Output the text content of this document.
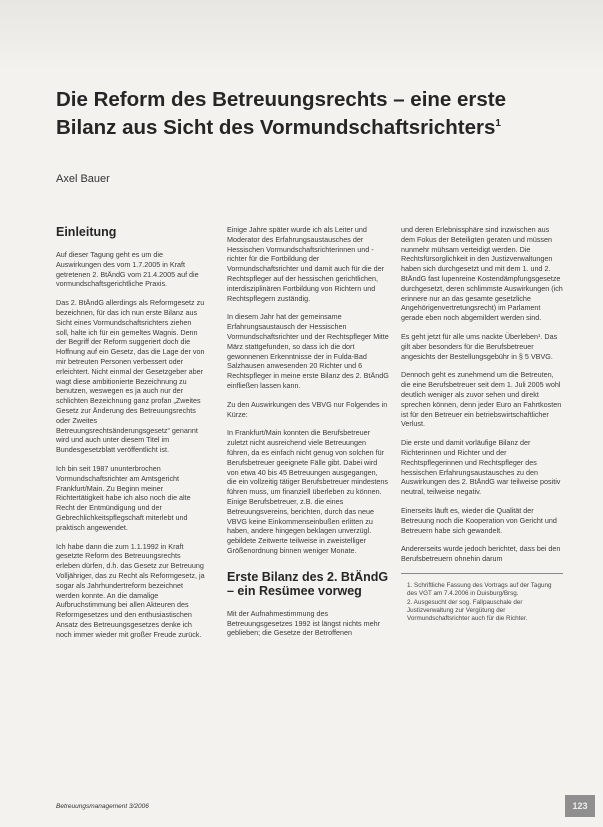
Die Reform des Betreuungsrechts – eine erste
Bilanz aus Sicht des Vormundschaftsrichters$^1$
Axel Bauer
Einleitung

Auf dieser Tagung geht es um die Auswirkungen des vom 1.7.2005 in Kraft getretenen 2. BtÄndG vom 21.4.2005 auf die vormundschaftsgerichtliche Praxis.

Das 2. BtÄndG allerdings als Reformgesetz zu bezeichnen, für das ich nun erste Bilanz aus Sicht eines Vormundschaftsrichters ziehen soll, halte ich für ein gemeltes Wagnis. Denn der Begriff der Reform suggeriert doch die Hoffnung auf ein Gesetz, das die Lage der von mir betreuten Personen verbessert oder erleichtert. Nicht einmal der Gesetzgeber aber wagt diese ambitionierte Bezeichnung zu benutzen, weswegen es ja auch nur der schlichten Bezeichnung ganz profan „Zweites Gesetz zur Änderung des Betreuungsrechts oder Zweites Betreuungsrechtsänderungsgesetz“ genannt wird und auch unter diesem Titel im Bundesgesetzblatt veröffentlicht ist.

Ich bin seit 1987 ununterbrochen Vormundschaftsrichter am Amtsgericht Frankfurt/Main. Zu Beginn meiner Richtertätigkeit habe ich also noch die alte Recht der Entmündigung und der Gebrechlichkeitspflegschaft miterlebt und praktisch angewendet.

Ich habe dann die zum 1.1.1992 in Kraft gesetzte Reform des Betreuungsrechts erleben dürfen, d.h. das Gesetz zur Betreuung Volljähriger, das zu Recht als Reformgesetz, ja sogar als Jahrhundertreform bezeichnet werden konnte. An die damalige Aufbruchstimmung bei allen Akteuren des Reformgesetzes und den enthusiastischen Ansatz des Betreuungsgesetzes denke ich noch immer wieder mit großer Freude zurück.

Einige Jahre später wurde ich als Leiter und Moderator des Erfahrungsaustausches der Hessischen Vormundschaftsrichterinnen und -richter für die Fortbildung der Vormundschaftsrichter und damit auch für die der Rechtspfleger auf der hessischen gerichtlichen, interdisziplinären Fortbildung von Richtern und Rechtspflegern zuständig.

In diesem Jahr hat der gemeinsame Erfahrungsaustausch der Hessischen Vormundschaftsrichter und der Rechtspfleger Mitte März stattgefunden, so dass ich die dort gewonnenen Erkenntnisse der in Fulda-Bad Salzhausen anwesenden 20 Richter und 6 Rechtspfleger in meine erste Bilanz des 2. BtÄndG einfließen lassen kann.

Zu den Auswirkungen des VBVG nur Folgendes in Kürze:

In Frankfurt/Main konnten die Berufsbetreuer zuletzt nicht ausreichend viele Betreuungen führen, da es einfach nicht genug von solchen für Berufsbetreuer geeignete Fälle gibt. Dabei wird von etwa 40 bis 45 Betreuungen ausgegangen, die ein vollzeitig tätiger Berufsbetreuer mindestens führen muss, um finanziell überleben zu können. Einige Berufsbetreuer, z.B. die eines Betreuungsvereins, berichten, durch das neue VBVG keine Einkommenseinbußen erlitten zu haben, andere hingegen beklagen unverzügl. gebildete Zeitwerte teilweise in zweistelliger Größenordnung binnen weniger Monate.

Erste Bilanz des 2. BtÄndG
– ein Resümee vorweg

Mit der Aufnahmestimmung des Betreuungsgesetzes 1992 ist längst nichts mehr geblieben; die Gesetze der Betroffenen

und deren Erlebnissphäre sind inzwischen aus dem Fokus der Beteiligten geraten und müssen nunmehr mühsam verteidigt werden. Die Rechtsfürsorglichkeit in den Justizverwaltungen haben sich durchgesetzt und mit dem 1. und 2. BtÄndG fast lupenreine Kostendämpfungsgesetze durchgesetzt, deren schlimmste Auswirkungen (ich erinnere nur an das gesamte gesetzliche Angehörigenvertretungsrecht) im Parlament gerade eben noch abgemildert werden sind.

Es geht jetzt für alle ums nackte Überleben¹. Das gilt aber besonders für die Berufsbetreuer angesichts der Bestellungsgebühr in § 5 VBVG.

Dennoch geht es zunehmend um die Betreuten, die eine Berufsbetreuer seit dem 1. Juli 2005 wohl deutlich weniger als zuvor sehen und direkt sprechen können, denn jeder Euro an Fahrtkosten ist für den Betreuer ein betriebswirtschaftlicher Verlust.

Die erste und damit vorläufige Bilanz der Richterinnen und Richter und der Rechtspflegerinnen und Rechtspfleger des hessischen Erfahrungsaustausches zu den Auswirkungen des 2. BtÄndG war teilweise positiv neutral, teilweise negativ.

Einerseits läuft es, wieder die Qualität der Betreuung noch die Kooperation von Gericht und Betreuern habe sich gewandelt.

Andererseits wurde jedoch berichtet, dass bei den Berufsbetreuern ohnehin darum

1. Schriftliche Fassung des Vortrags auf der Tagung des VGT am 7.4.2006 in Duisburg/Brsg.

2. Ausgesucht der sog. Fallpauschale der Justizverwaltung zur Vergütung der Vormundschaftsrichter auch für die Richter.

Betreuungsmanagement 3/2006	123
